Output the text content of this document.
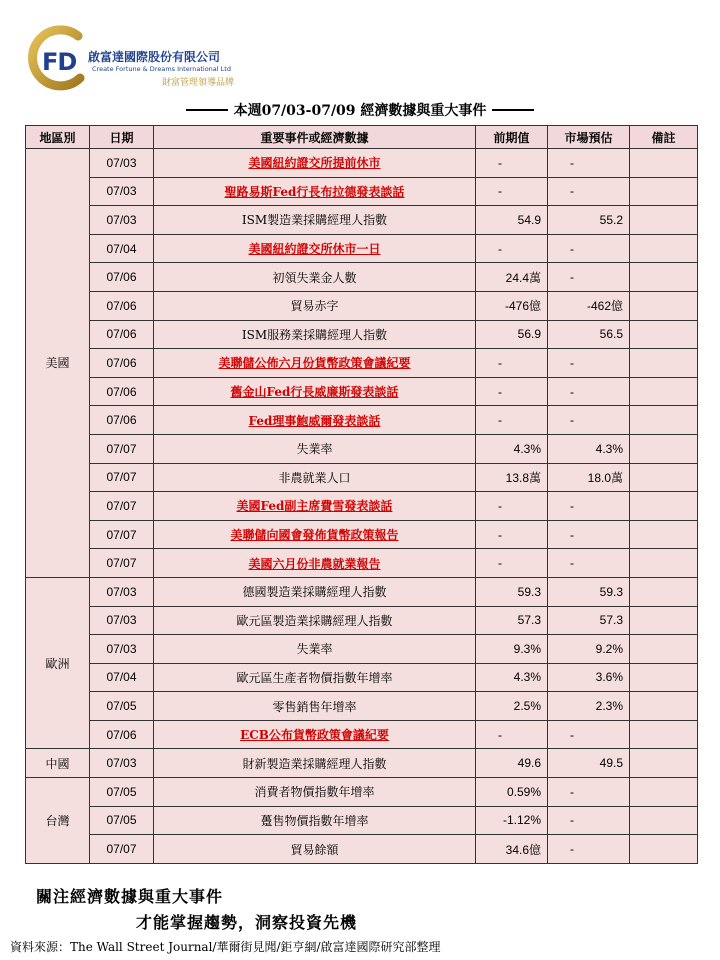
FD 啟富達國際股份有限公司
Create Fortune & Dreams International Ltd
財富管理領導品牌
本週07/03-07/09 經濟數據與重大事件
地區別	日期	重要事件或經濟數據	前期值	市場預估	備註
美國	07/03	美國紐約證交所提前休市	-	-	
	07/03	聖路易斯Fed行長布拉德發表談話	-	-	
	07/03	ISM製造業採購經理人指數	54.9	55.2	
	07/04	美國紐約證交所休市一日	-	-	
	07/06	初領失業金人數	24.4萬	-	
	07/06	貿易赤字	-476億	-462億	
	07/06	ISM服務業採購經理人指數	56.9	56.5	
	07/06	美聯儲公佈六月份貨幣政策會議紀要	-	-	
	07/06	舊金山Fed行長威廉斯發表談話	-	-	
	07/06	Fed理事鮑威爾發表談話	-	-	
	07/07	失業率	4.3%	4.3%	
	07/07	非農就業人口	13.8萬	18.0萬	
	07/07	美國Fed副主席費雪發表談話	-	-	
	07/07	美聯儲向國會發佈貨幣政策報告	-	-	
	07/07	美國六月份非農就業報告	-	-	
歐洲	07/03	德國製造業採購經理人指數	59.3	59.3	
	07/03	歐元區製造業採購經理人指數	57.3	57.3	
	07/03	失業率	9.3%	9.2%	
	07/04	歐元區生產者物價指數年增率	4.3%	3.6%	
	07/05	零售銷售年增率	2.5%	2.3%	
	07/06	ECB公布貨幣政策會議紀要	-	-	
中國	07/03	財新製造業採購經理人指數	49.6	49.5	
台灣	07/05	消費者物價指數年增率	0.59%	-	
	07/05	躉售物價指數年增率	-1.12%	-	
	07/07	貿易餘額	34.6億	-	
關注經濟數據與重大事件
才能掌握趨勢，洞察投資先機
資料來源：The Wall Street Journal/華爾街見聞/鉅亨網/啟富達國際研究部整理
